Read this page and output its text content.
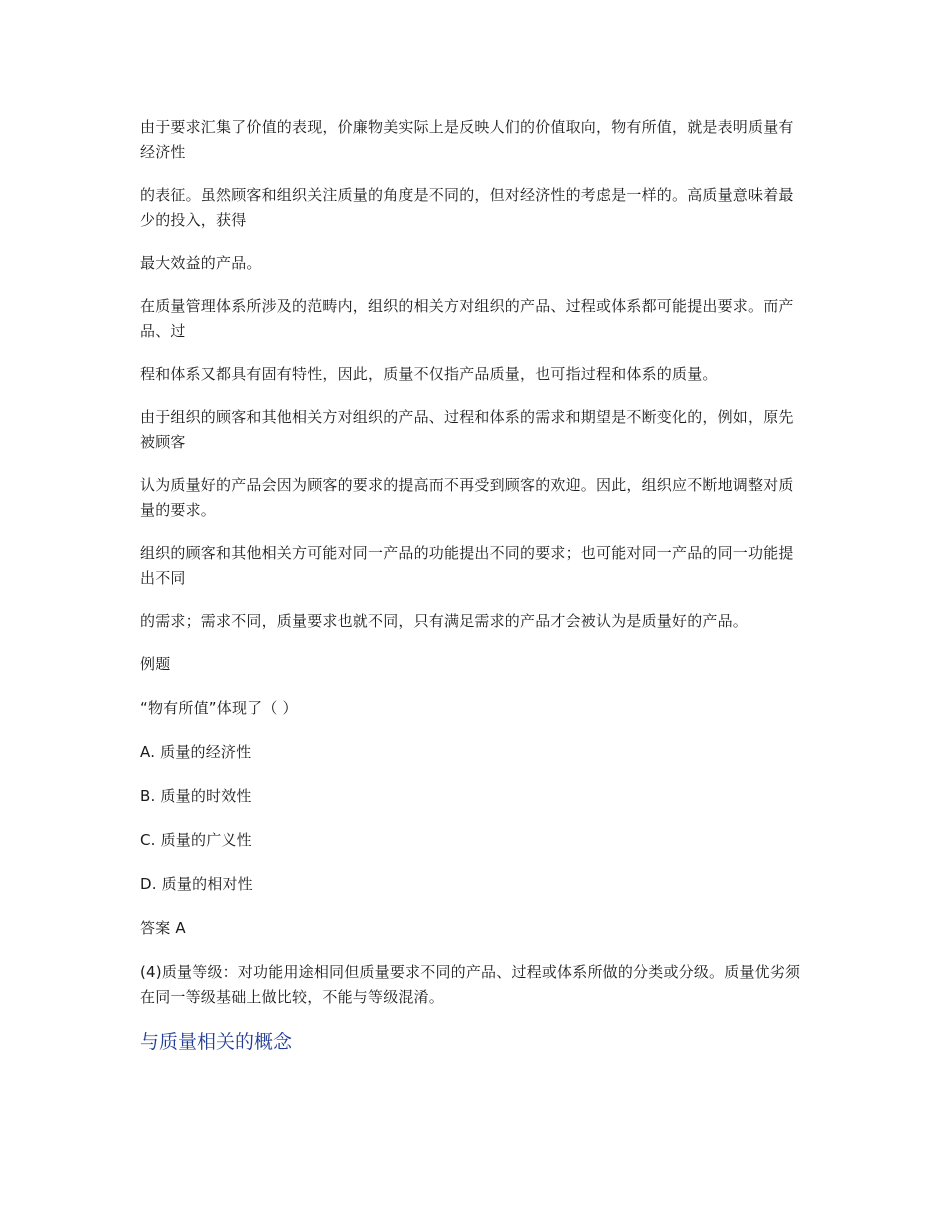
由于要求汇集了价值的表现，价廉物美实际上是反映人们的价值取向，物有所值，就是表明质量有经济性

的表征。虽然顾客和组织关注质量的角度是不同的，但对经济性的考虑是一样的。高质量意味着最少的投入，获得

最大效益的产品。

在质量管理体系所涉及的范畴内，组织的相关方对组织的产品、过程或体系都可能提出要求。而产品、过

程和体系又都具有固有特性，因此，质量不仅指产品质量，也可指过程和体系的质量。

由于组织的顾客和其他相关方对组织的产品、过程和体系的需求和期望是不断变化的，例如，原先被顾客

认为质量好的产品会因为顾客的要求的提高而不再受到顾客的欢迎。因此，组织应不断地调整对质量的要求。

组织的顾客和其他相关方可能对同一产品的功能提出不同的要求；也可能对同一产品的同一功能提出不同

的需求；需求不同，质量要求也就不同，只有满足需求的产品才会被认为是质量好的产品。

例题

“物有所值”体现了（ ）

A. 质量的经济性

B. 质量的时效性

C. 质量的广义性

D. 质量的相对性

答案 A

(4)质量等级：对功能用途相同但质量要求不同的产品、过程或体系所做的分类或分级。质量优劣须在同一等级基础上做比较，不能与等级混淆。

与质量相关的概念
